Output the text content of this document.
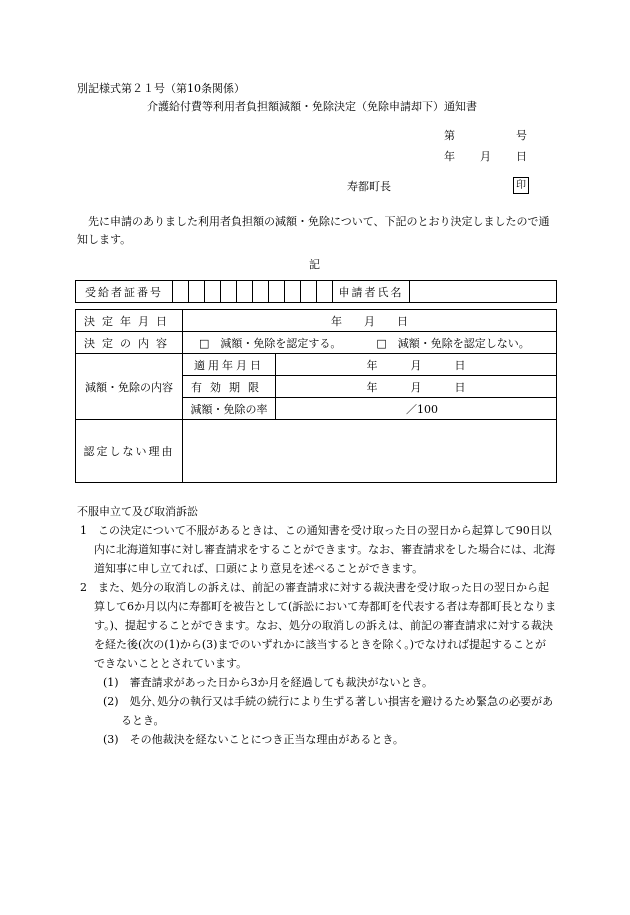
別記様式第２１号（第10条関係）
介護給付費等利用者負担額減額・免除決定（免除申請却下）通知書
第	号
年 月 日
寿都町長	印
先に申請のありました利用者負担額の減額・免除について、下記のとおり決定しましたので通知します。
記
受給者証番号											申請者氏名	
決定年月日	年　　月　　日	
決定の内容	□　減額・免除を認定する。 □　減額・免除を認定しない。	
減額・免除の内容	適用年月日	年　　　月　　　日
	有効期限	年　　　月　　　日
	減額・免除の率	／100
認定しない理由		

不服申立て及び取消訴訟

1　この決定について不服があるときは、この通知書を受け取った日の翌日から起算して90日以内に北海道知事に対し審査請求をすることができます。なお、審査請求をした場合には、北海道知事に申し立てれば、口頭により意見を述べることができます。

2　また、処分の取消しの訴えは、前記の審査請求に対する裁決書を受け取った日の翌日から起算して6か月以内に寿都町を被告として(訴訟において寿都町を代表する者は寿都町長となります。)、提起することができます。なお、処分の取消しの訴えは、前記の審査請求に対する裁決を経た後(次の(1)から(3)までのいずれかに該当するときを除く。)でなければ提起することができないこととされています。

(1)　審査請求があった日から3か月を経過しても裁決がないとき。

(2)　処分､処分の執行又は手続の続行により生ずる著しい損害を避けるため緊急の必要があるとき。

(3)　その他裁決を経ないことにつき正当な理由があるとき。
